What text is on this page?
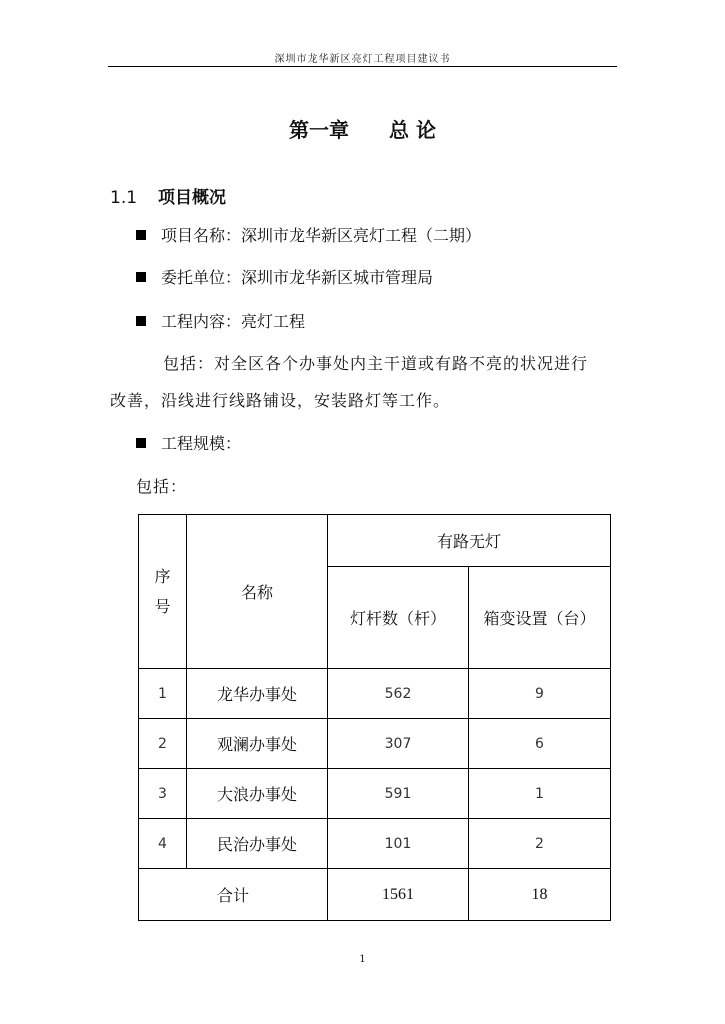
深圳市龙华新区亮灯工程项目建议书
第一章 总 论
1.1 项目概况
项目名称：深圳市龙华新区亮灯工程（二期）
委托单位：深圳市龙华新区城市管理局
工程内容：亮灯工程
包括：对全区各个办事处内主干道或有路不亮的状况进行
改善，沿线进行线路铺设，安装路灯等工作。
工程规模：
包括：
序号	名称	有路无灯	
		灯杆数（杆）	箱变设置（台）
1	龙华办事处	562	9
2	观澜办事处	307	6
3	大浪办事处	591	1
4	民治办事处	101	2
合计		1561	18
1
